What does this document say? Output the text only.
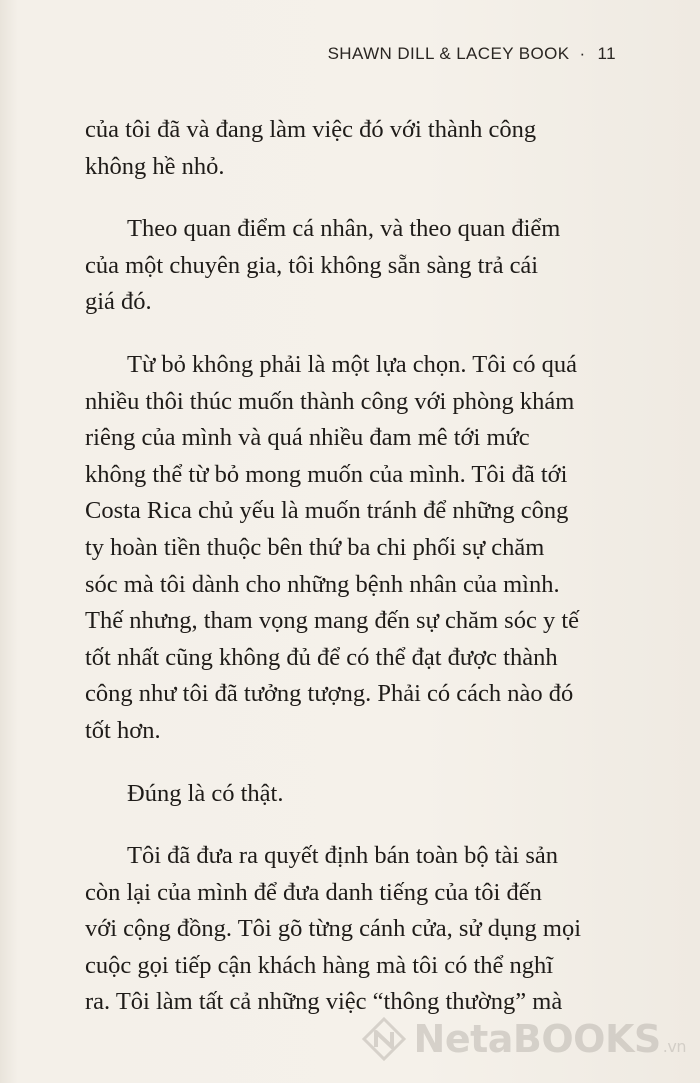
SHAWN DILL & LACEY BOOK · 11

của tôi đã và đang làm việc đó với thành công
không hề nhỏ.

Theo quan điểm cá nhân, và theo quan điểm
của một chuyên gia, tôi không sẵn sàng trả cái
giá đó.

Từ bỏ không phải là một lựa chọn. Tôi có quá
nhiều thôi thúc muốn thành công với phòng khám
riêng của mình và quá nhiều đam mê tới mức
không thể từ bỏ mong muốn của mình. Tôi đã tới
Costa Rica chủ yếu là muốn tránh để những công
ty hoàn tiền thuộc bên thứ ba chi phối sự chăm
sóc mà tôi dành cho những bệnh nhân của mình.
Thế nhưng, tham vọng mang đến sự chăm sóc y tế
tốt nhất cũng không đủ để có thể đạt được thành
công như tôi đã tưởng tượng. Phải có cách nào đó
tốt hơn.

Đúng là có thật.

Tôi đã đưa ra quyết định bán toàn bộ tài sản
còn lại của mình để đưa danh tiếng của tôi đến
với cộng đồng. Tôi gõ từng cánh cửa, sử dụng mọi
cuộc gọi tiếp cận khách hàng mà tôi có thể nghĩ
ra. Tôi làm tất cả những việc “thông thường” mà

NetaBOOKS .vn
